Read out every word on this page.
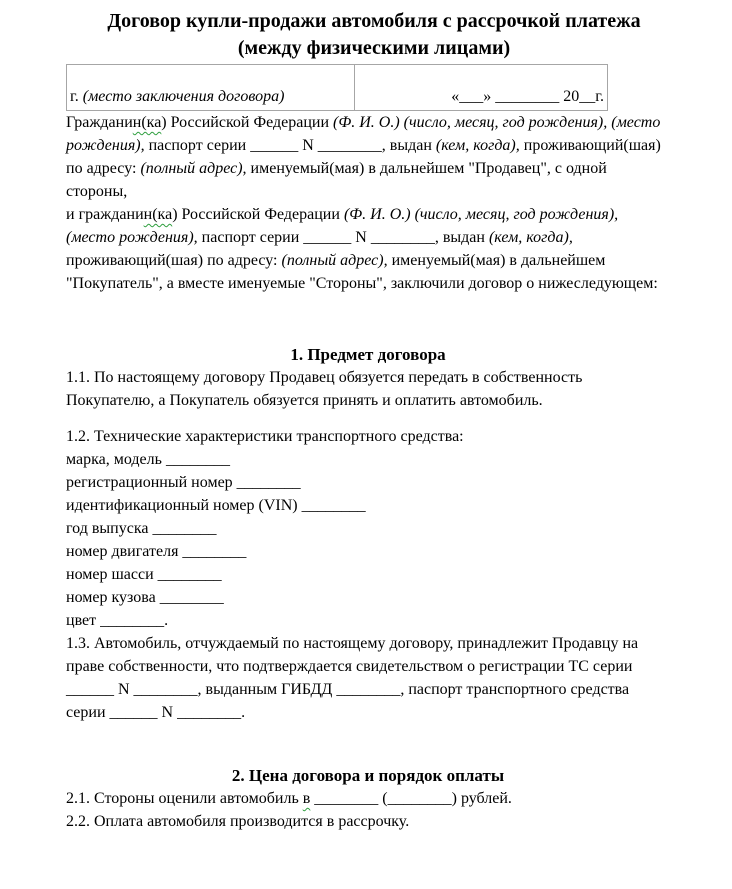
Договор купли-продажи автомобиля с рассрочкой платежа
(между физическими лицами)
г. (место заключения договора)	«___» ________ 20__г.

Гражданин(ка) Российской Федерации (Ф. И. О.) (число, месяц, год рождения), (место рождения), паспорт серии ______ N ________, выдан (кем, когда), проживающий(шая) по адресу: (полный адрес), именуемый(мая) в дальнейшем "Продавец", с одной стороны,

и гражданин(ка) Российской Федерации (Ф. И. О.) (число, месяц, год рождения), (место рождения), паспорт серии ______ N ________, выдан (кем, когда), проживающий(шая) по адресу: (полный адрес), именуемый(мая) в дальнейшем "Покупатель", а вместе именуемые "Стороны", заключили договор о нижеследующем:

1. Предмет договора

1.1. По настоящему договору Продавец обязуется передать в собственность Покупателю, а Покупатель обязуется принять и оплатить автомобиль.

1.2. Технические характеристики транспортного средства:
марка, модель ________
регистрационный номер ________
идентификационный номер (VIN) ________
год выпуска ________
номер двигателя ________
номер шасси ________
номер кузова ________
цвет ________.

1.3. Автомобиль, отчуждаемый по настоящему договору, принадлежит Продавцу на праве собственности, что подтверждается свидетельством о регистрации ТС серии ______ N ________, выданным ГИБДД ________, паспорт транспортного средства серии ______ N ________.

2. Цена договора и порядок оплаты

2.1. Стороны оценили автомобиль в ________ (________) рублей.

2.2. Оплата автомобиля производится в рассрочку.
